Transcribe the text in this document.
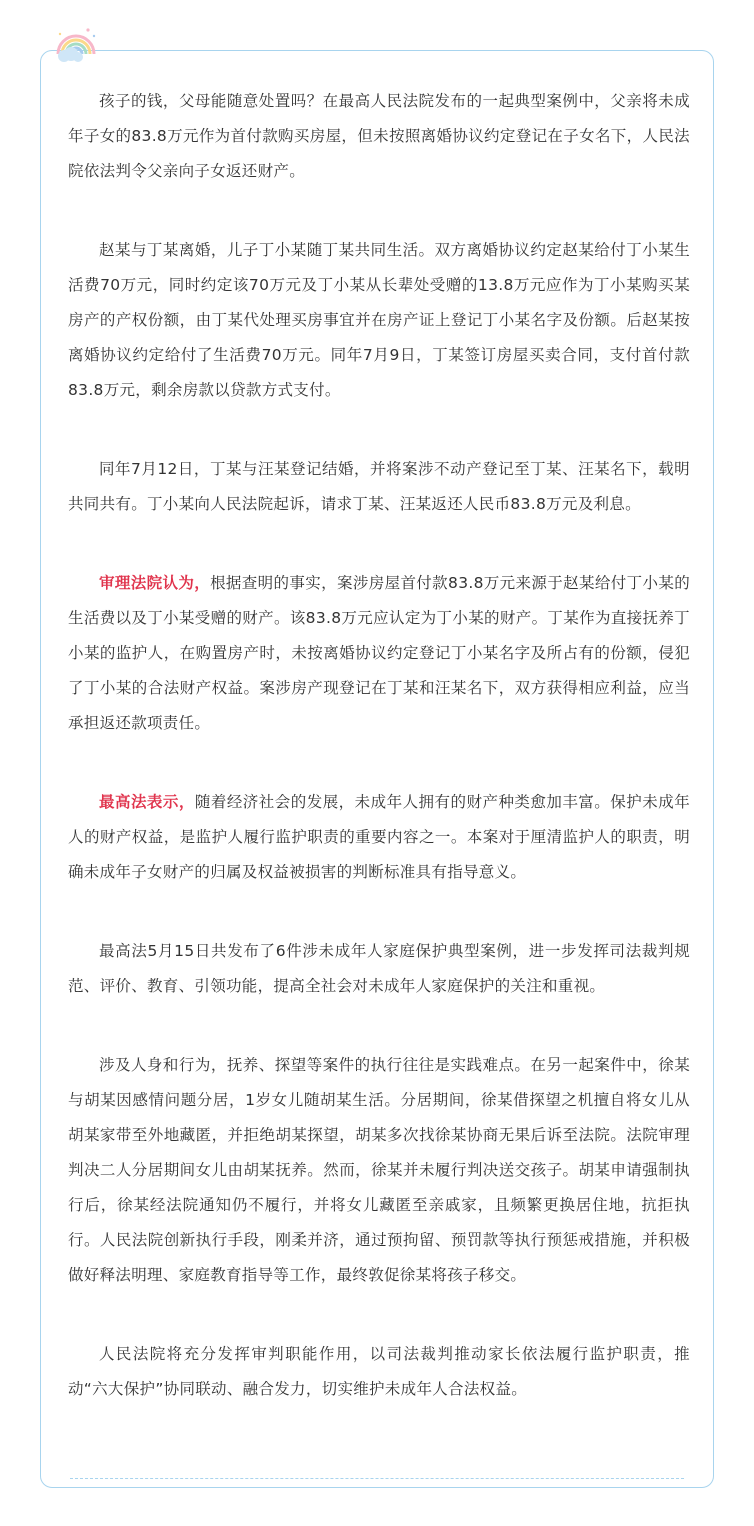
孩子的钱，父母能随意处置吗？在最高人民法院发布的一起典型案例中，父亲将未成年子女的83.8万元作为首付款购买房屋，但未按照离婚协议约定登记在子女名下，人民法院依法判令父亲向子女返还财产。

赵某与丁某离婚，儿子丁小某随丁某共同生活。双方离婚协议约定赵某给付丁小某生活费70万元，同时约定该70万元及丁小某从长辈处受赠的13.8万元应作为丁小某购买某房产的产权份额，由丁某代处理买房事宜并在房产证上登记丁小某名字及份额。后赵某按离婚协议约定给付了生活费70万元。同年7月9日，丁某签订房屋买卖合同，支付首付款83.8万元，剩余房款以贷款方式支付。

同年7月12日，丁某与汪某登记结婚，并将案涉不动产登记至丁某、汪某名下，载明共同共有。丁小某向人民法院起诉，请求丁某、汪某返还人民币83.8万元及利息。

审理法院认为，根据查明的事实，案涉房屋首付款83.8万元来源于赵某给付丁小某的生活费以及丁小某受赠的财产。该83.8万元应认定为丁小某的财产。丁某作为直接抚养丁小某的监护人，在购置房产时，未按离婚协议约定登记丁小某名字及所占有的份额，侵犯了丁小某的合法财产权益。案涉房产现登记在丁某和汪某名下，双方获得相应利益，应当承担返还款项责任。

最高法表示，随着经济社会的发展，未成年人拥有的财产种类愈加丰富。保护未成年人的财产权益，是监护人履行监护职责的重要内容之一。本案对于厘清监护人的职责，明确未成年子女财产的归属及权益被损害的判断标准具有指导意义。

最高法5月15日共发布了6件涉未成年人家庭保护典型案例，进一步发挥司法裁判规范、评价、教育、引领功能，提高全社会对未成年人家庭保护的关注和重视。

涉及人身和行为，抚养、探望等案件的执行往往是实践难点。在另一起案件中，徐某与胡某因感情问题分居，1岁女儿随胡某生活。分居期间，徐某借探望之机擅自将女儿从胡某家带至外地藏匿，并拒绝胡某探望，胡某多次找徐某协商无果后诉至法院。法院审理判决二人分居期间女儿由胡某抚养。然而，徐某并未履行判决送交孩子。胡某申请强制执行后，徐某经法院通知仍不履行，并将女儿藏匿至亲戚家，且频繁更换居住地，抗拒执行。人民法院创新执行手段，刚柔并济，通过预拘留、预罚款等执行预惩戒措施，并积极做好释法明理、家庭教育指导等工作，最终敦促徐某将孩子移交。

人民法院将充分发挥审判职能作用，以司法裁判推动家长依法履行监护职责，推动“六大保护”协同联动、融合发力，切实维护未成年人合法权益。
